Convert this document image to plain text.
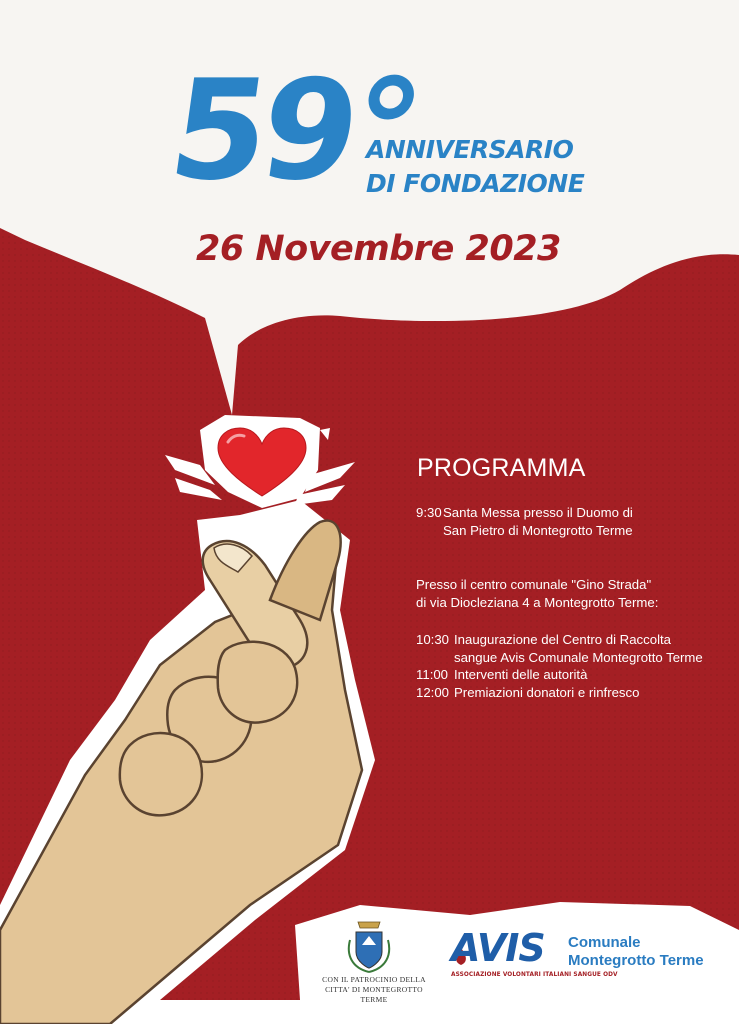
59°
ANNIVERSARIO
DI FONDAZIONE
26 Novembre 2023
PROGRAMMA
9:30 Santa Messa presso il Duomo di
San Pietro di Montegrotto Terme
Presso il centro comunale "Gino Strada"
di via Diocleziana 4 a Montegrotto Terme:
10:30 Inaugurazione del Centro di Raccolta
sangue Avis Comunale Montegrotto Terme
11:00 Interventi delle autorità
12:00 Premiazioni donatori e rinfresco
CON IL PATROCINIO DELLA
CITTA' DI MONTEGROTTO TERME
AVIS
ASSOCIAZIONE VOLONTARI ITALIANI SANGUE ODV
Comunale
Montegrotto Terme
